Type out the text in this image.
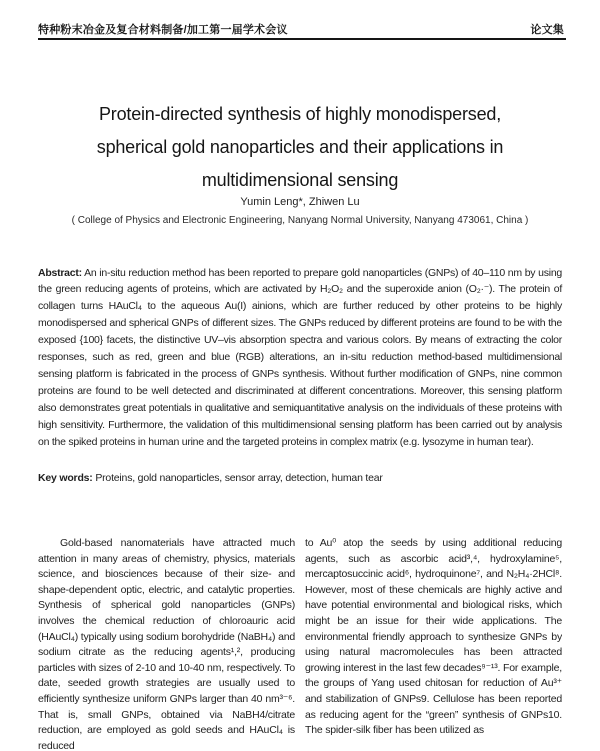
特种粉末冶金及复合材料制备/加工第一届学术会议	论文集
Protein-directed synthesis of highly monodispersed,
spherical gold nanoparticles and their applications in
multidimensional sensing
Yumin Leng*, Zhiwen Lu
( College of Physics and Electronic Engineering, Nanyang Normal University, Nanyang 473061, China )

Abstract: An in-situ reduction method has been reported to prepare gold nanoparticles (GNPs) of 40–110 nm by using the green reducing agents of proteins, which are activated by H₂O₂ and the superoxide anion (O₂·⁻). The protein of collagen turns HAuCl₄ to the aqueous Au(I) ainions, which are further reduced by other proteins to be highly monodispersed and spherical GNPs of different sizes. The GNPs reduced by different proteins are found to be with the exposed {100} facets, the distinctive UV–vis absorption spectra and various colors. By means of extracting the color responses, such as red, green and blue (RGB) alterations, an in-situ reduction method-based multidimensional sensing platform is fabricated in the process of GNPs synthesis. Without further modification of GNPs, nine common proteins are found to be well detected and discriminated at different concentrations. Moreover, this sensing platform also demonstrates great potentials in qualitative and semiquantitative analysis on the individuals of these proteins with high sensitivity. Furthermore, the validation of this multidimensional sensing platform has been carried out by analysis on the spiked proteins in human urine and the targeted proteins in complex matrix (e.g. lysozyme in human tear).

Key words: Proteins, gold nanoparticles, sensor array, detection, human tear

Gold-based nanomaterials have attracted much attention in many areas of chemistry, physics, materials science, and biosciences because of their size- and shape-dependent optic, electric, and catalytic properties. Synthesis of spherical gold nanoparticles (GNPs) involves the chemical reduction of chloroauric acid (HAuCl₄) typically using sodium borohydride (NaBH₄) and sodium citrate as the reducing agents¹,², producing particles with sizes of 2-10 and 10-40 nm, respectively. To date, seeded growth strategies are usually used to efficiently synthesize uniform GNPs larger than 40 nm³⁻⁶. That is, small GNPs, obtained via NaBH4/citrate reduction, are employed as gold seeds and HAuCl₄ is reduced

to Au⁰ atop the seeds by using additional reducing agents, such as ascorbic acid³,⁴, hydroxylamine⁵, mercaptosuccinic acid⁶, hydroquinone⁷, and N₂H₄·2HCl⁸. However, most of these chemicals are highly active and have potential environmental and biological risks, which might be an issue for their wide applications. The environmental friendly approach to synthesize GNPs by using natural macromolecules has been attracted growing interest in the last few decades⁹⁻¹³. For example, the groups of Yang used chitosan for reduction of Au³⁺ and stabilization of GNPs9. Cellulose has been reported as reducing agent for the “green” synthesis of GNPs10. The spider-silk fiber has been utilized as
